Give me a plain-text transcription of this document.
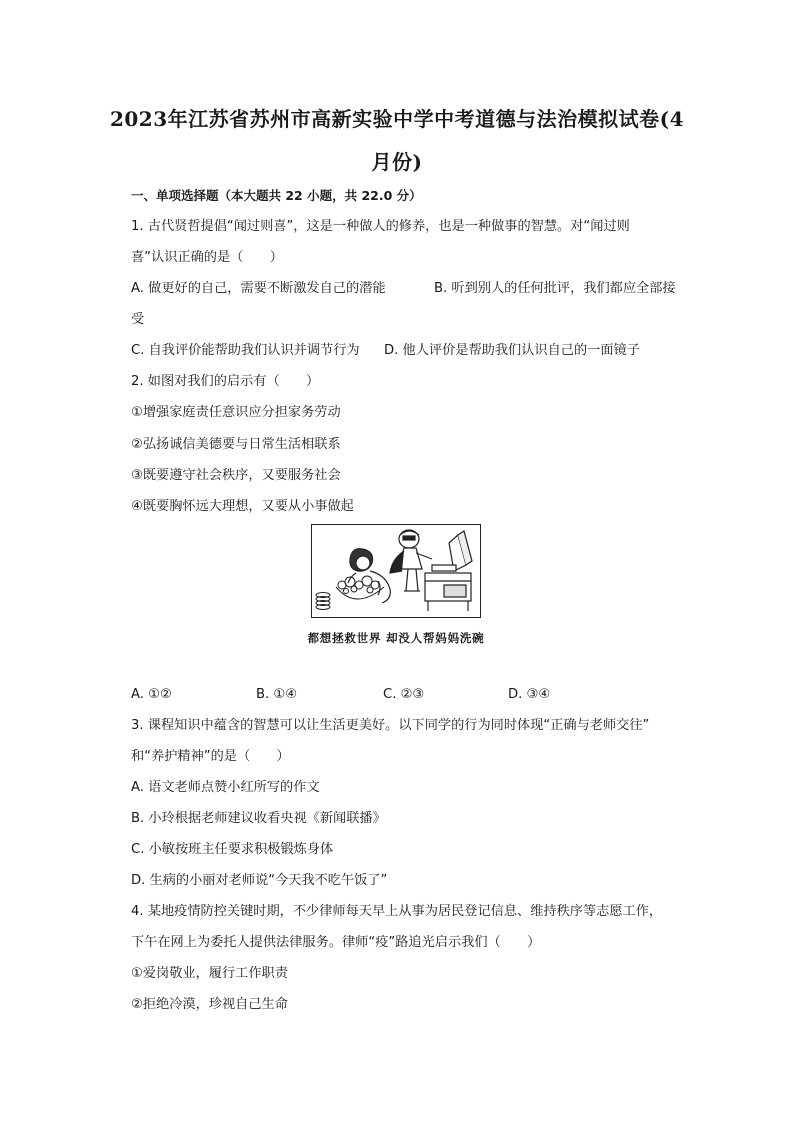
2023年江苏省苏州市高新实验中学中考道德与法治模拟试卷(4
月份)
一、单项选择题（本大题共 22 小题，共 22.0 分）
1. 古代贤哲提倡“闻过则喜”，这是一种做人的修养，也是一种做事的智慧。对“闻过则
喜”认识正确的是（　　）
A. 做更好的自己，需要不断激发自己的潜能	B. 听到别人的任何批评，我们都应全部接
受
C. 自我评价能帮助我们认识并调节行为 D. 他人评价是帮助我们认识自己的一面镜子
2. 如图对我们的启示有（　　）
①增强家庭责任意识应分担家务劳动
②弘扬诚信美德要与日常生活相联系
③既要遵守社会秩序，又要服务社会
④既要胸怀远大理想，又要从小事做起
都想拯救世界 却没人帮妈妈洗碗
A. ①②	B. ①④	C. ②③	D. ③④
3. 课程知识中蕴含的智慧可以让生活更美好。以下同学的行为同时体现“正确与老师交往”
和“养护精神”的是（　　）
A. 语文老师点赞小红所写的作文
B. 小玲根据老师建议收看央视《新闻联播》
C. 小敏按班主任要求积极锻炼身体
D. 生病的小丽对老师说“今天我不吃午饭了”
4. 某地疫情防控关键时期，不少律师每天早上从事为居民登记信息、维持秩序等志愿工作，
下午在网上为委托人提供法律服务。律师“疫”路追光启示我们（　　）
①爱岗敬业，履行工作职责
②拒绝冷漠，珍视自己生命
